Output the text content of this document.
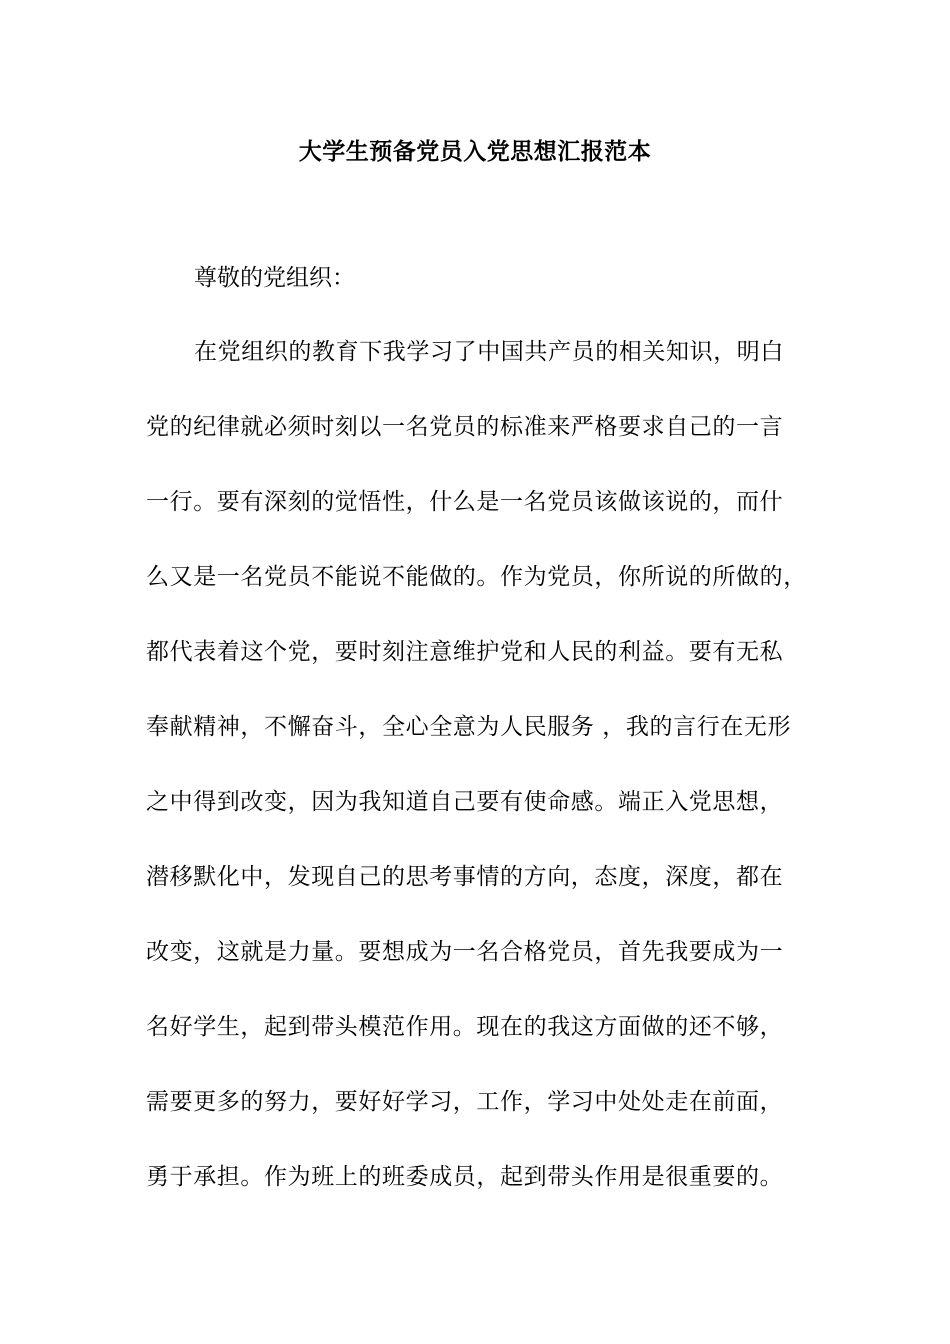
大学生预备党员入党思想汇报范本
尊敬的党组织：
在党组织的教育下我学习了中国共产员的相关知识，明白
党的纪律就必须时刻以一名党员的标准来严格要求自己的一言
一行。要有深刻的觉悟性，什么是一名党员该做该说的，而什
么又是一名党员不能说不能做的。作为党员，你所说的所做的，
都代表着这个党，要时刻注意维护党和人民的利益。要有无私
奉献精神，不懈奋斗，全心全意为人民服务 ，我的言行在无形
之中得到改变，因为我知道自己要有使命感。端正入党思想，
潜移默化中，发现自己的思考事情的方向，态度，深度，都在
改变，这就是力量。要想成为一名合格党员，首先我要成为一
名好学生，起到带头模范作用。现在的我这方面做的还不够，
需要更多的努力，要好好学习，工作，学习中处处走在前面，
勇于承担。作为班上的班委成员，起到带头作用是很重要的。
